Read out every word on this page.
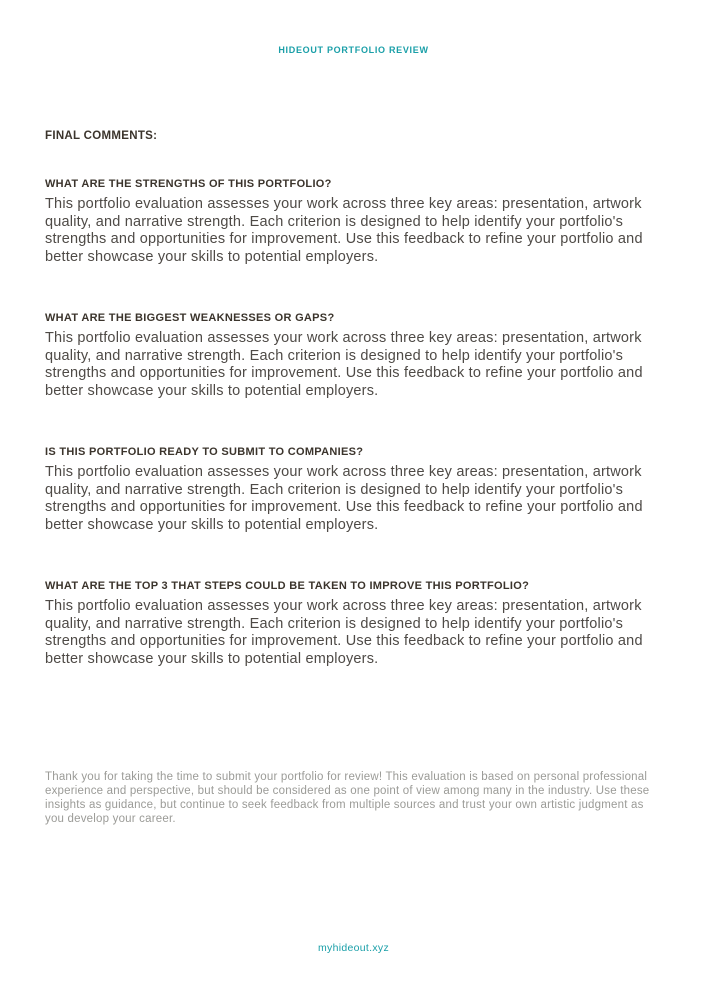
HIDEOUT PORTFOLIO REVIEW
FINAL COMMENTS:
WHAT ARE THE STRENGTHS OF THIS PORTFOLIO?

This portfolio evaluation assesses your work across three key areas: presentation, artwork quality, and narrative strength. Each criterion is designed to help identify your portfolio's strengths and opportunities for improvement. Use this feedback to refine your portfolio and better showcase your skills to potential employers.

WHAT ARE THE BIGGEST WEAKNESSES OR GAPS?

This portfolio evaluation assesses your work across three key areas: presentation, artwork quality, and narrative strength. Each criterion is designed to help identify your portfolio's strengths and opportunities for improvement. Use this feedback to refine your portfolio and better showcase your skills to potential employers.

IS THIS PORTFOLIO READY TO SUBMIT TO COMPANIES?

This portfolio evaluation assesses your work across three key areas: presentation, artwork quality, and narrative strength. Each criterion is designed to help identify your portfolio's strengths and opportunities for improvement. Use this feedback to refine your portfolio and better showcase your skills to potential employers.

WHAT ARE THE TOP 3 THAT STEPS COULD BE TAKEN TO IMPROVE THIS PORTFOLIO?

This portfolio evaluation assesses your work across three key areas: presentation, artwork quality, and narrative strength. Each criterion is designed to help identify your portfolio's strengths and opportunities for improvement. Use this feedback to refine your portfolio and better showcase your skills to potential employers.

Thank you for taking the time to submit your portfolio for review! This evaluation is based on personal professional experience and perspective, but should be considered as one point of view among many in the industry. Use these insights as guidance, but continue to seek feedback from multiple sources and trust your own artistic judgment as you develop your career.

myhideout.xyz
